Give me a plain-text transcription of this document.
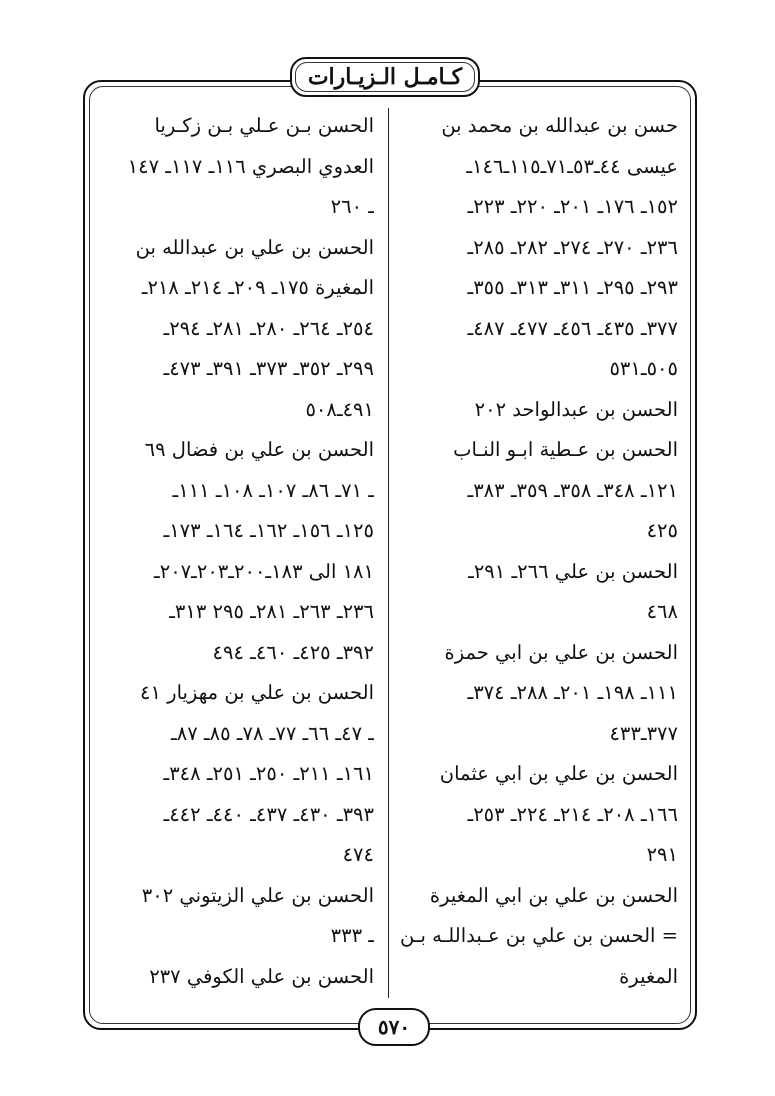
كـامـل الـزيـارات
حسن بن عبدالله بن محمد بن
عيسى ٤٤ـ٥٣ـ٧١ـ١١٥ـ١٤٦ـ
١٥٢ـ ١٧٦ـ ٢٠١ـ ٢٢٠ـ ٢٢٣ـ
٢٣٦ـ ٢٧٠ـ ٢٧٤ـ ٢٨٢ـ ٢٨٥ـ
٢٩٣ـ ٢٩٥ـ ٣١١ـ ٣١٣ـ ٣٥٥ـ
٣٧٧ـ ٤٣٥ـ ٤٥٦ـ ٤٧٧ـ ٤٨٧ـ
٥٠٥ـ٥٣١
الحسن بن عبدالواحد ٢٠٢
الحسن بن عـطية ابـو النـاب
١٢١ـ ٣٤٨ـ ٣٥٨ـ ٣٥٩ـ ٣٨٣ـ
٤٢٥
الحسن بن علي ٢٦٦ـ ٢٩١ـ
٤٦٨
الحسن بن علي بن ابي حمزة
١١١ـ ١٩٨ـ ٢٠١ـ ٢٨٨ـ ٣٧٤ـ
٣٧٧ـ٤٣٣
الحسن بن علي بن ابي عثمان
١٦٦ـ ٢٠٨ـ ٢١٤ـ ٢٢٤ـ ٢٥٣ـ
٢٩١
الحسن بن علي بن ابي المغيرة
= الحسن بن علي بن عـبداللـه بـن
المغيرة
الحسن بـن عـلي بـن زكـريا
العدوي البصري ١١٦ـ ١١٧ـ ١٤٧
ـ ٢٦٠
الحسن بن علي بن عبدالله بن
المغيرة ١٧٥ـ ٢٠٩ـ ٢١٤ـ ٢١٨ـ
٢٥٤ـ ٢٦٤ـ ٢٨٠ـ ٢٨١ـ ٢٩٤ـ
٢٩٩ـ ٣٥٢ـ ٣٧٣ـ ٣٩١ـ ٤٧٣ـ
٤٩١ـ٥٠٨
الحسن بن علي بن فضال ٦٩
ـ ٧١ـ ٨٦ـ ١٠٧ـ ١٠٨ـ ١١١ـ
١٢٥ـ ١٥٦ـ ١٦٢ـ ١٦٤ـ ١٧٣ـ
١٨١ الى ١٨٣ـ٢٠٠ـ٢٠٣ـ٢٠٧ـ
٢٣٦ـ ٢٦٣ـ ٢٨١ـ ٢٩٥ ٣١٣ـ
٣٩٢ـ ٤٢٥ـ ٤٦٠ـ ٤٩٤
الحسن بن علي بن مهزيار ٤١
ـ ٤٧ـ ٦٦ـ ٧٧ـ ٧٨ـ ٨٥ـ ٨٧ـ
١٦١ـ ٢١١ـ ٢٥٠ـ ٢٥١ـ ٣٤٨ـ
٣٩٣ـ ٤٣٠ـ ٤٣٧ـ ٤٤٠ـ ٤٤٢ـ
٤٧٤
الحسن بن علي الزيتوني ٣٠٢
ـ ٣٣٣
الحسن بن علي الكوفي ٢٣٧
٥٧٠
